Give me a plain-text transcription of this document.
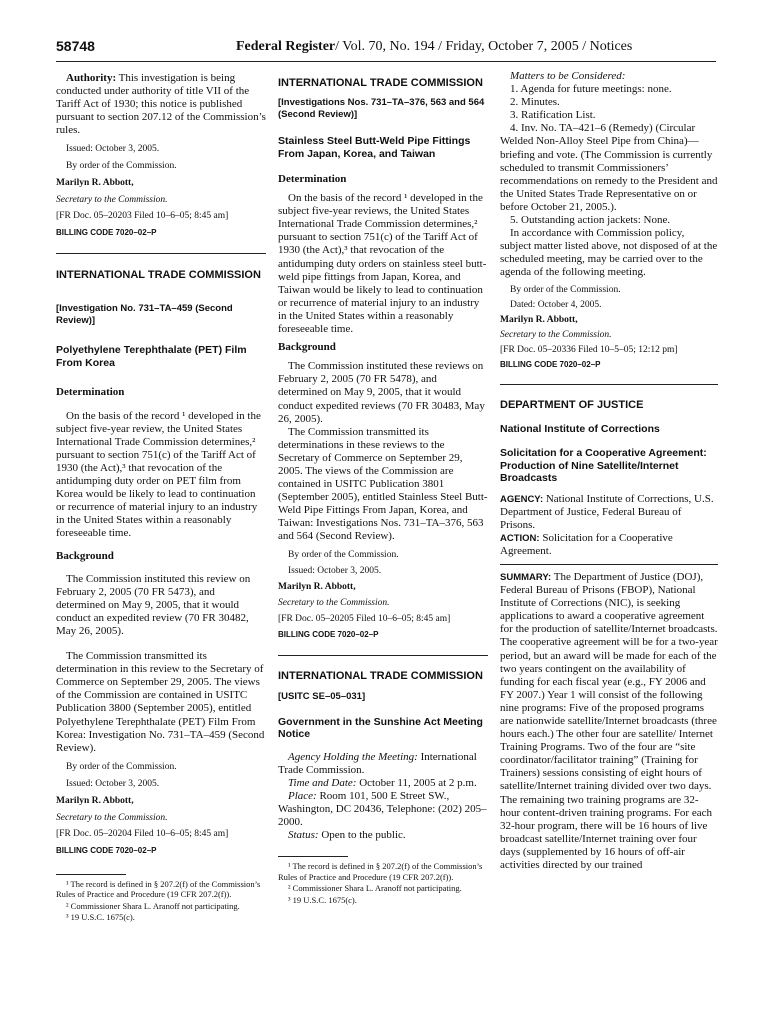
58748	Federal Register/ Vol. 70, No. 194 / Friday, October 7, 2005 / Notices

Authority: This investigation is being conducted under authority of title VII of the Tariff Act of 1930; this notice is published pursuant to section 207.12 of the Commission’s rules.

Issued: October 3, 2005.

By order of the Commission.

Marilyn R. Abbott,

Secretary to the Commission.

[FR Doc. 05–20203 Filed 10–6–05; 8:45 am]

BILLING CODE 7020–02–P

INTERNATIONAL TRADE COMMISSION

[Investigation No. 731–TA–459 (Second Review)]

Polyethylene Terephthalate (PET) Film From Korea

Determination

On the basis of the record ¹ developed in the subject five-year review, the United States International Trade Commission determines,² pursuant to section 751(c) of the Tariff Act of 1930 (the Act),³ that revocation of the antidumping duty order on PET film from Korea would be likely to lead to continuation or recurrence of material injury to an industry in the United States within a reasonably foreseeable time.

Background

The Commission instituted this review on February 2, 2005 (70 FR 5473), and determined on May 9, 2005, that it would conduct an expedited review (70 FR 30482, May 26, 2005).

The Commission transmitted its determination in this review to the Secretary of Commerce on September 29, 2005. The views of the Commission are contained in USITC Publication 3800 (September 2005), entitled Polyethylene Terephthalate (PET) Film From Korea: Investigation No. 731–TA–459 (Second Review).

By order of the Commission.

Issued: October 3, 2005.

Marilyn R. Abbott,

Secretary to the Commission.

[FR Doc. 05–20204 Filed 10–6–05; 8:45 am]

BILLING CODE 7020–02–P

¹ The record is defined in § 207.2(f) of the Commission’s Rules of Practice and Procedure (19 CFR 207.2(f)).

² Commissioner Shara L. Aranoff not participating.

³ 19 U.S.C. 1675(c).

INTERNATIONAL TRADE COMMISSION

[Investigations Nos. 731–TA–376, 563 and 564 (Second Review)]

Stainless Steel Butt-Weld Pipe Fittings From Japan, Korea, and Taiwan

Determination

On the basis of the record ¹ developed in the subject five-year reviews, the United States International Trade Commission determines,² pursuant to section 751(c) of the Tariff Act of 1930 (the Act),³ that revocation of the antidumping duty orders on stainless steel butt-weld pipe fittings from Japan, Korea, and Taiwan would be likely to lead to continuation or recurrence of material injury to an industry in the United States within a reasonably foreseeable time.

Background

The Commission instituted these reviews on February 2, 2005 (70 FR 5478), and determined on May 9, 2005, that it would conduct expedited reviews (70 FR 30483, May 26, 2005).

The Commission transmitted its determinations in these reviews to the Secretary of Commerce on September 29, 2005. The views of the Commission are contained in USITC Publication 3801 (September 2005), entitled Stainless Steel Butt-Weld Pipe Fittings From Japan, Korea, and Taiwan: Investigations Nos. 731–TA–376, 563 and 564 (Second Review).

By order of the Commission.

Issued: October 3, 2005.

Marilyn R. Abbott,

Secretary to the Commission.

[FR Doc. 05–20205 Filed 10–6–05; 8:45 am]

BILLING CODE 7020–02–P

INTERNATIONAL TRADE COMMISSION

[USITC SE–05–031]

Government in the Sunshine Act Meeting Notice

Agency Holding the Meeting: International Trade Commission.

Time and Date: October 11, 2005 at 2 p.m.

Place: Room 101, 500 E Street SW., Washington, DC 20436, Telephone: (202) 205–2000.

Status: Open to the public.

¹ The record is defined in § 207.2(f) of the Commission’s Rules of Practice and Procedure (19 CFR 207.2(f)).

² Commissioner Shara L. Aranoff not participating.

³ 19 U.S.C. 1675(c).

Matters to be Considered:

1. Agenda for future meetings: none.

2. Minutes.

3. Ratification List.

4. Inv. No. TA–421–6 (Remedy) (Circular Welded Non-Alloy Steel Pipe from China)—briefing and vote. (The Commission is currently scheduled to transmit Commissioners’ recommendations on remedy to the President and the United States Trade Representative on or before October 21, 2005.).

5. Outstanding action jackets: None.

In accordance with Commission policy, subject matter listed above, not disposed of at the scheduled meeting, may be carried over to the agenda of the following meeting.

By order of the Commission.

Dated: October 4, 2005.

Marilyn R. Abbott,

Secretary to the Commission.

[FR Doc. 05–20336 Filed 10–5–05; 12:12 pm]

BILLING CODE 7020–02–P

DEPARTMENT OF JUSTICE

National Institute of Corrections

Solicitation for a Cooperative Agreement: Production of Nine Satellite/Internet Broadcasts

AGENCY: National Institute of Corrections, U.S. Department of Justice, Federal Bureau of Prisons.

ACTION: Solicitation for a Cooperative Agreement.

SUMMARY: The Department of Justice (DOJ), Federal Bureau of Prisons (FBOP), National Institute of Corrections (NIC), is seeking applications to award a cooperative agreement for the production of satellite/Internet broadcasts. The cooperative agreement will be for a two-year period, but an award will be made for each of the two years contingent on the availability of funding for each fiscal year (e.g., FY 2006 and FY 2007.) Year 1 will consist of the following nine programs: Five of the proposed programs are nationwide satellite/Internet broadcasts (three hours each.) The other four are satellite/ Internet Training Programs. Two of the four are “site coordinator/facilitator training” (Training for Trainers) sessions consisting of eight hours of satellite/Internet training divided over two days. The remaining two training programs are 32-hour content-driven training programs. For each 32-hour program, there will be 16 hours of live broadcast satellite/Internet training over four days (supplemented by 16 hours of off-air activities directed by our trained
